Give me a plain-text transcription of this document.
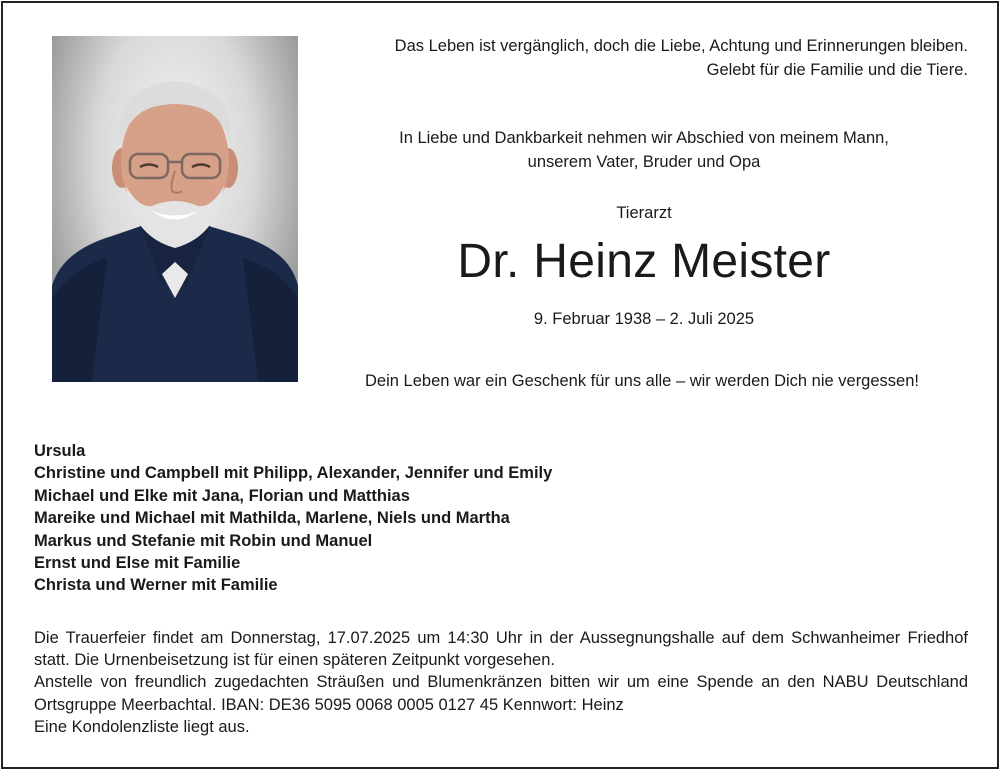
Das Leben ist vergänglich, doch die Liebe, Achtung und Erinnerungen bleiben.
Gelebt für die Familie und die Tiere.
In Liebe und Dankbarkeit nehmen wir Abschied von meinem Mann,
unserem Vater, Bruder und Opa
Tierarzt
Dr. Heinz Meister
9. Februar 1938 – 2. Juli 2025
Dein Leben war ein Geschenk für uns alle – wir werden Dich nie vergessen!
Ursula
Christine und Campbell mit Philipp, Alexander, Jennifer und Emily
Michael und Elke mit Jana, Florian und Matthias
Mareike und Michael mit Mathilda, Marlene, Niels und Martha
Markus und Stefanie mit Robin und Manuel
Ernst und Else mit Familie
Christa und Werner mit Familie
Die Trauerfeier findet am Donnerstag, 17.07.2025 um 14:30 Uhr in der Aussegnungshalle auf dem Schwanheimer Friedhof statt. Die Urnenbeisetzung ist für einen späteren Zeitpunkt vorgesehen.
Anstelle von freundlich zugedachten Sträußen und Blumenkränzen bitten wir um eine Spende an den NABU Deutschland Ortsgruppe Meerbachtal. IBAN: DE36 5095 0068 0005 0127 45 Kennwort: Heinz
Eine Kondolenzliste liegt aus.
